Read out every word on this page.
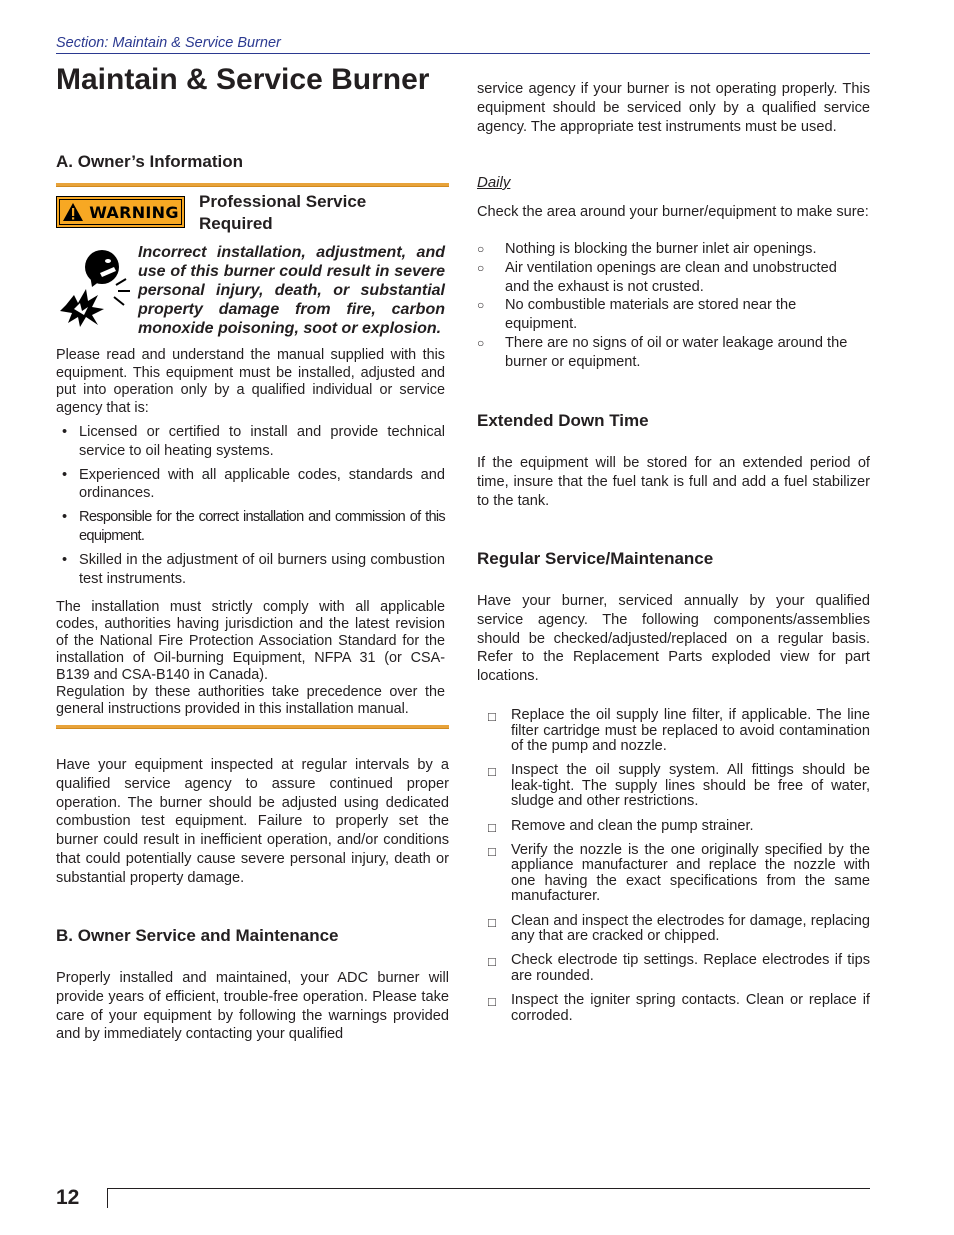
Section: Maintain & Service Burner
Maintain & Service Burner
A. Owner’s Information
WARNING
Professional Service Required
Incorrect installation, adjustment, and use of this burner could result in severe personal injury, death, or substantial property damage from fire, carbon monoxide poisoning, soot or explosion.

Please read and understand the manual supplied with this equipment. This equipment must be installed, adjusted and put into operation only by a qualified individual or service agency that is:

• Licensed or certified to install and provide technical service to oil heating systems.
• Experienced with all applicable codes, standards and ordinances.
• Responsible for the correct installation and commission of this equipment.
• Skilled in the adjustment of oil burners using combustion test instruments.

The installation must strictly comply with all applicable codes, authorities having jurisdiction and the latest revision of the National Fire Protection Association Standard for the installation of Oil-burning Equipment, NFPA 31 (or CSA-B139 and CSA-B140 in Canada).

Regulation by these authorities take precedence over the general instructions provided in this installation manual.

Have your equipment inspected at regular intervals by a qualified service agency to assure continued proper operation. The burner should be adjusted using dedicated combustion test equipment. Failure to properly set the burner could result in inefficient operation, and/or conditions that could potentially cause severe personal injury, death or substantial property damage.

B. Owner Service and Maintenance

Properly installed and maintained, your ADC burner will provide years of efficient, trouble-free operation. Please take care of your equipment by following the warnings provided and by immediately contacting your qualified

service agency if your burner is not operating properly. This equipment should be serviced only by a qualified service agency. The appropriate test instruments must be used.

Daily

Check the area around your burner/equipment to make sure:

○ Nothing is blocking the burner inlet air openings.
○ Air ventilation openings are clean and unobstructed and the exhaust is not crusted.
○ No combustible materials are stored near the equipment.
○ There are no signs of oil or water leakage around the burner or equipment.
Extended Down Time

If the equipment will be stored for an extended period of time, insure that the fuel tank is full and add a fuel stabilizer to the tank.

Regular Service/Maintenance

Have your burner, serviced annually by your qualified service agency. The following components/assemblies should be checked/adjusted/replaced on a regular basis. Refer to the Replacement Parts exploded view for part locations.

□ Replace the oil supply line filter, if applicable. The line filter cartridge must be replaced to avoid contamination of the pump and nozzle.
□ Inspect the oil supply system. All fittings should be leak-tight. The supply lines should be free of water, sludge and other restrictions.
□ Remove and clean the pump strainer.
□ Verify the nozzle is the one originally specified by the appliance manufacturer and replace the nozzle with one having the exact specifications from the same manufacturer.
□ Clean and inspect the electrodes for damage, replacing any that are cracked or chipped.
□ Check electrode tip settings. Replace electrodes if tips are rounded.
□ Inspect the igniter spring contacts. Clean or replace if corroded.
12
